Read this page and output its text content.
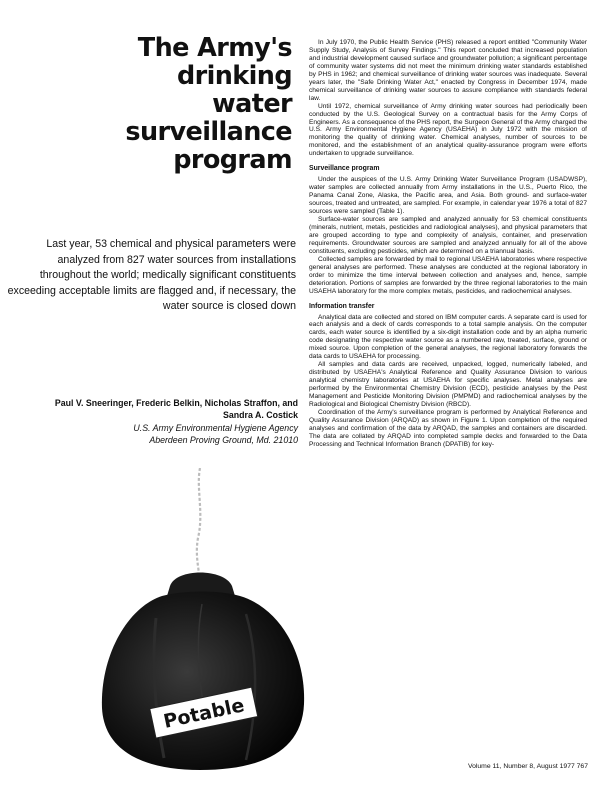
The Army's
drinking water
surveillance
program

Last year, 53 chemical and physical parameters were analyzed from 827 water sources from installations throughout the world; medically significant constituents exceeding acceptable limits are flagged and, if necessary, the water source is closed down

Paul V. Sneeringer, Frederic Belkin, Nicholas Straffon, and Sandra A. Costick
U.S. Army Environmental Hygiene Agency
Aberdeen Proving Ground, Md. 21010
Potable

In July 1970, the Public Health Service (PHS) released a report entitled "Community Water Supply Study, Analysis of Survey Findings." This report concluded that increased population and industrial development caused surface and groundwater pollution; a significant percentage of community water systems did not meet the minimum drinking water standards established by PHS in 1962; and chemical surveillance of drinking water sources was inadequate. Several years later, the "Safe Drinking Water Act," enacted by Congress in December 1974, made chemical surveillance of drinking water sources to assure compliance with standards federal law.

Until 1972, chemical surveillance of Army drinking water sources had periodically been conducted by the U.S. Geological Survey on a contractual basis for the Army Corps of Engineers. As a consequence of the PHS report, the Surgeon General of the Army charged the U.S. Army Environmental Hygiene Agency (USAEHA) in July 1972 with the mission of monitoring the quality of drinking water. Chemical analyses, number of sources to be monitored, and the establishment of an analytical quality-assurance program were efforts undertaken to upgrade surveillance.

Surveillance program

Under the auspices of the U.S. Army Drinking Water Surveillance Program (USADWSP), water samples are collected annually from Army installations in the U.S., Puerto Rico, the Panama Canal Zone, Alaska, the Pacific area, and Asia. Both ground- and surface-water sources, treated and untreated, are sampled. For example, in calendar year 1976 a total of 827 sources were sampled (Table 1).

Surface-water sources are sampled and analyzed annually for 53 chemical constituents (minerals, nutrient, metals, pesticides and radiological analyses), and physical parameters that are grouped according to type and complexity of analysis, container, and preservation requirements. Groundwater sources are sampled and analyzed annually for all of the above constituents, excluding pesticides, which are determined on a triannual basis.

Collected samples are forwarded by mail to regional USAEHA laboratories where respective general analyses are performed. These analyses are conducted at the regional laboratory in order to minimize the time interval between collection and analyses and, hence, sample deterioration. Portions of samples are forwarded by the three regional laboratories to the main USAEHA laboratory for the more complex metals, pesticides, and radiochemical analyses.

Information transfer

Analytical data are collected and stored on IBM computer cards. A separate card is used for each analysis and a deck of cards corresponds to a total sample analysis. On the computer cards, each water source is identified by a six-digit installation code and by an alpha numeric code designating the respective water source as a numbered raw, treated, surface, ground or mixed source. Upon completion of the general analyses, the regional laboratory forwards the data cards to USAEHA for processing.

All samples and data cards are received, unpacked, logged, numerically labeled, and distributed by USAEHA's Analytical Reference and Quality Assurance Division to various analytical chemistry laboratories at USAEHA for specific analyses. Metal analyses are performed by the Environmental Chemistry Division (ECD), pesticide analyses by the Pest Management and Pesticide Monitoring Division (PMPMD) and radiochemical analyses by the Radiological and Biological Chemistry Division (RBCD).

Coordination of the Army's surveillance program is performed by Analytical Reference and Quality Assurance Division (ARQAD) as shown in Figure 1. Upon completion of the required analyses and confirmation of the data by ARQAD, the samples and containers are discarded. The data are collated by ARQAD into completed sample decks and forwarded to the Data Processing and Technical Information Branch (DPATIB) for key-

Volume 11, Number 8, August 1977 767
